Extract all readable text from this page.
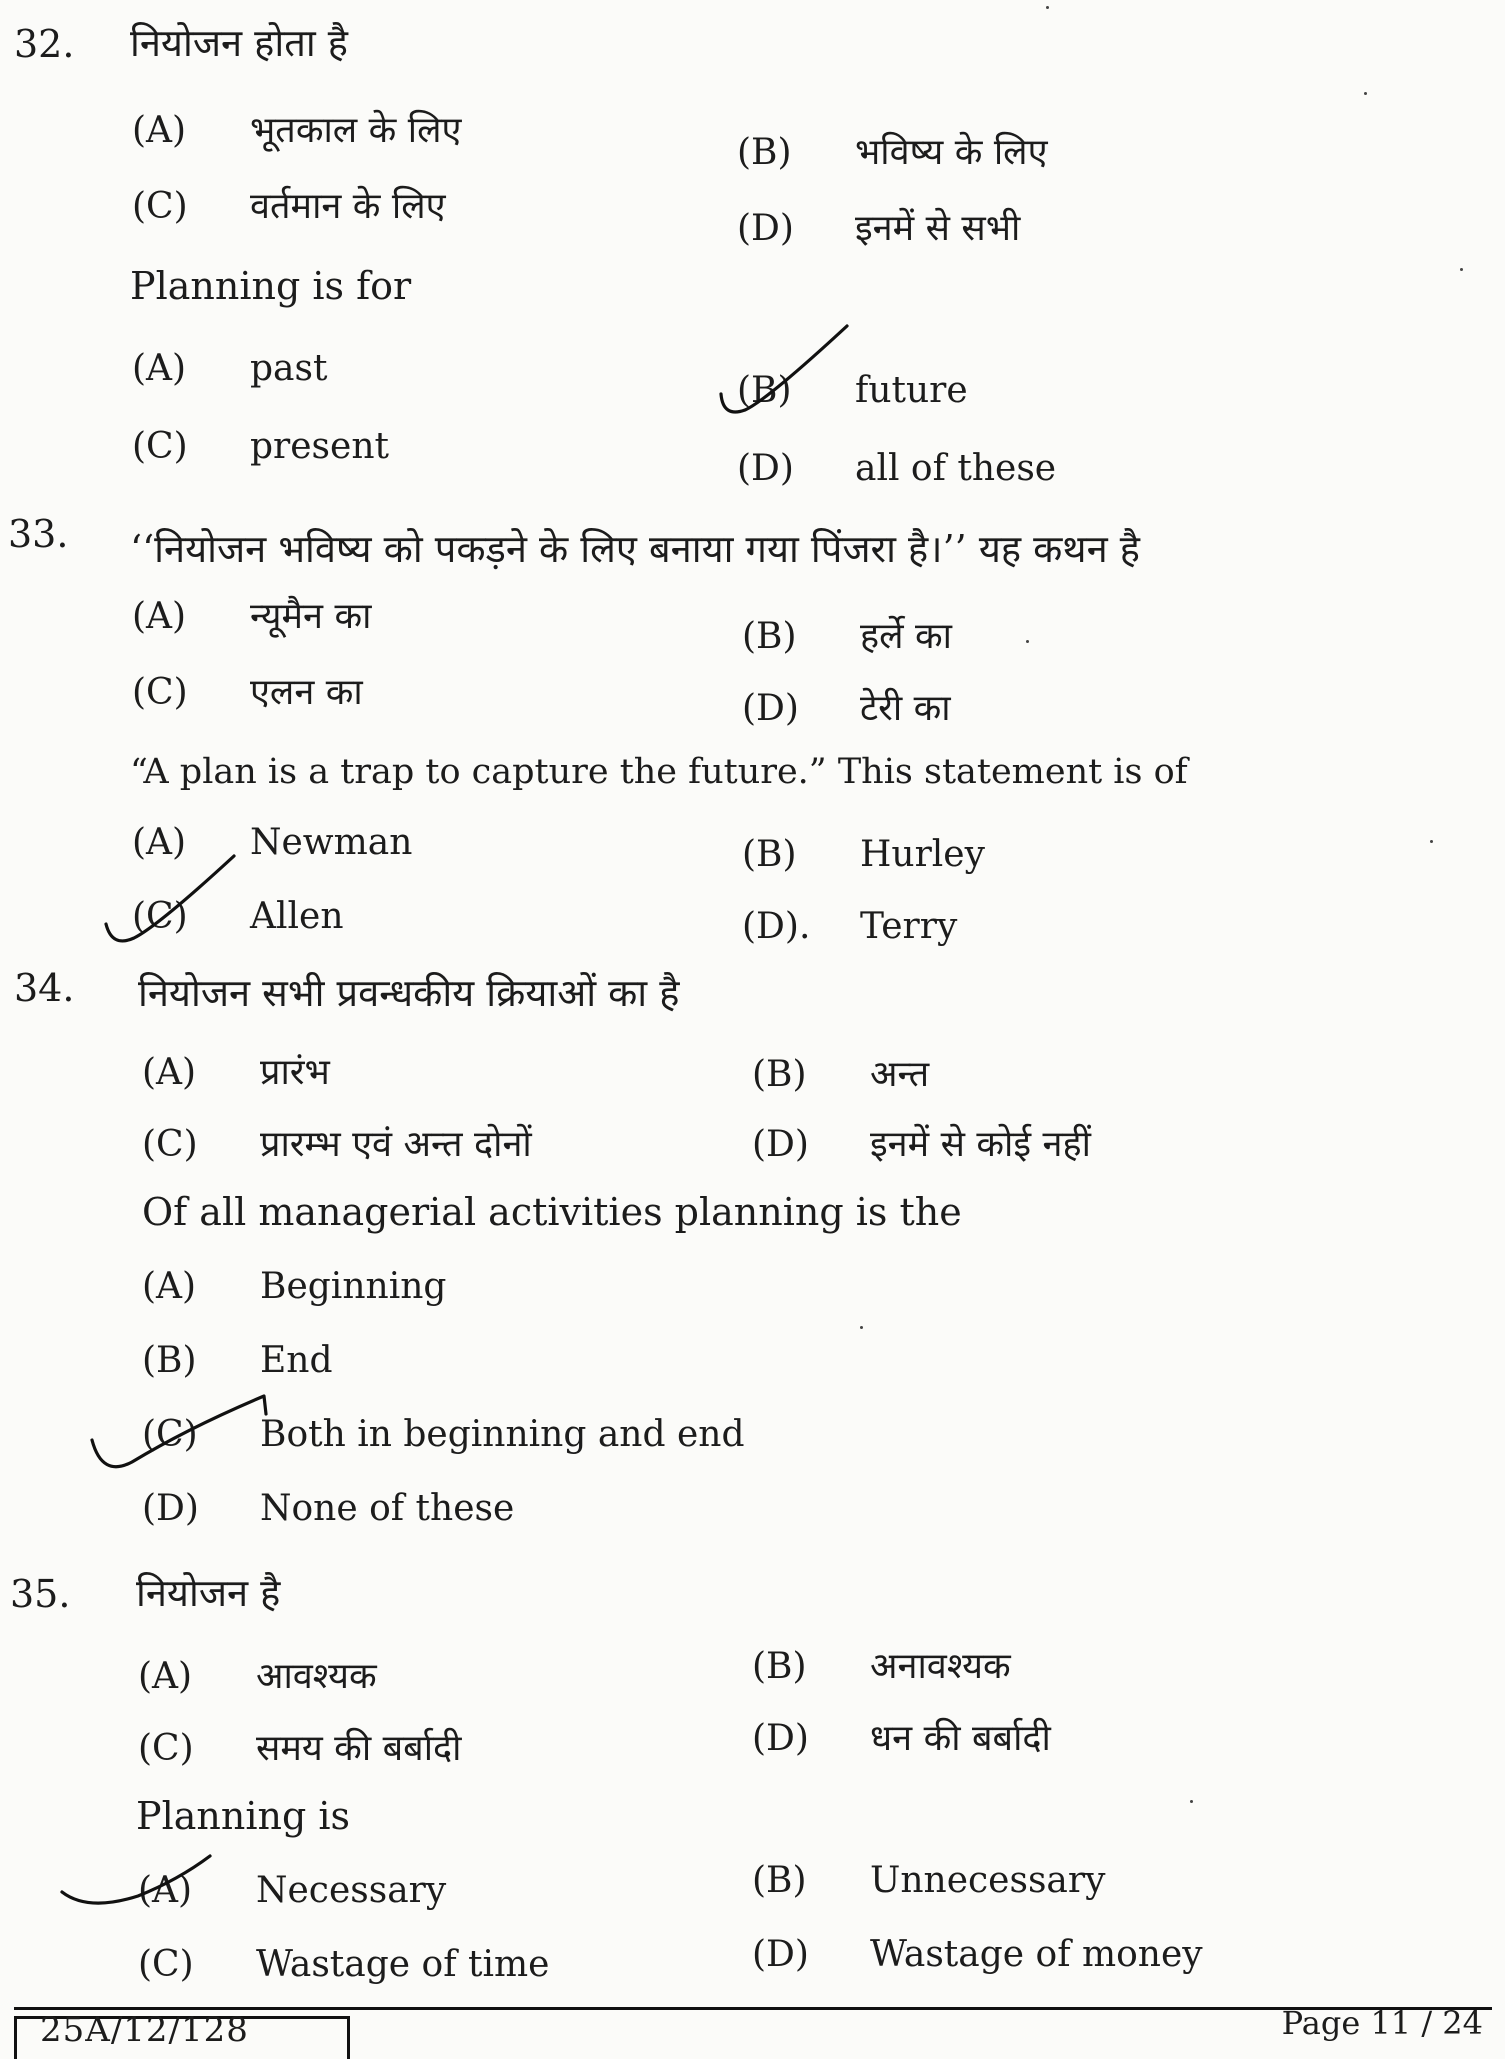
32. नियोजन होता है
(A) भूतकाल के लिए
(B) भविष्य के लिए
(C) वर्तमान के लिए
(D) इनमें से सभी
Planning is for
(A) past
(B) future
(C) present
(D) all of these
33. ‘‘नियोजन भविष्य को पकड़ने के लिए बनाया गया पिंजरा है।’’ यह कथन है
(A) न्यूमैन का	(B) हर्ले का
(C) एलन का	(D) टेरी का
“A plan is a trap to capture the future.” This statement is of
(A) Newman	(B) Hurley
(C) Allen	(D). Terry
34. नियोजन सभी प्रवन्धकीय क्रियाओं का है
(A) प्रारंभ	(B) अन्त
(C) प्रारम्भ एवं अन्त दोनों	(D) इनमें से कोई नहीं
Of all managerial activities planning is the
(A) Beginning
(B) End
(C) Both in beginning and end
(D) None of these
35. नियोजन है
(A) आवश्यक	(B) अनावश्यक
(C) समय की बर्बादी	(D) धन की बर्बादी
Planning is
(A) Necessary	(B) Unnecessary
(C) Wastage of time	(D) Wastage of money
25A/12/128	Page 11 / 24
